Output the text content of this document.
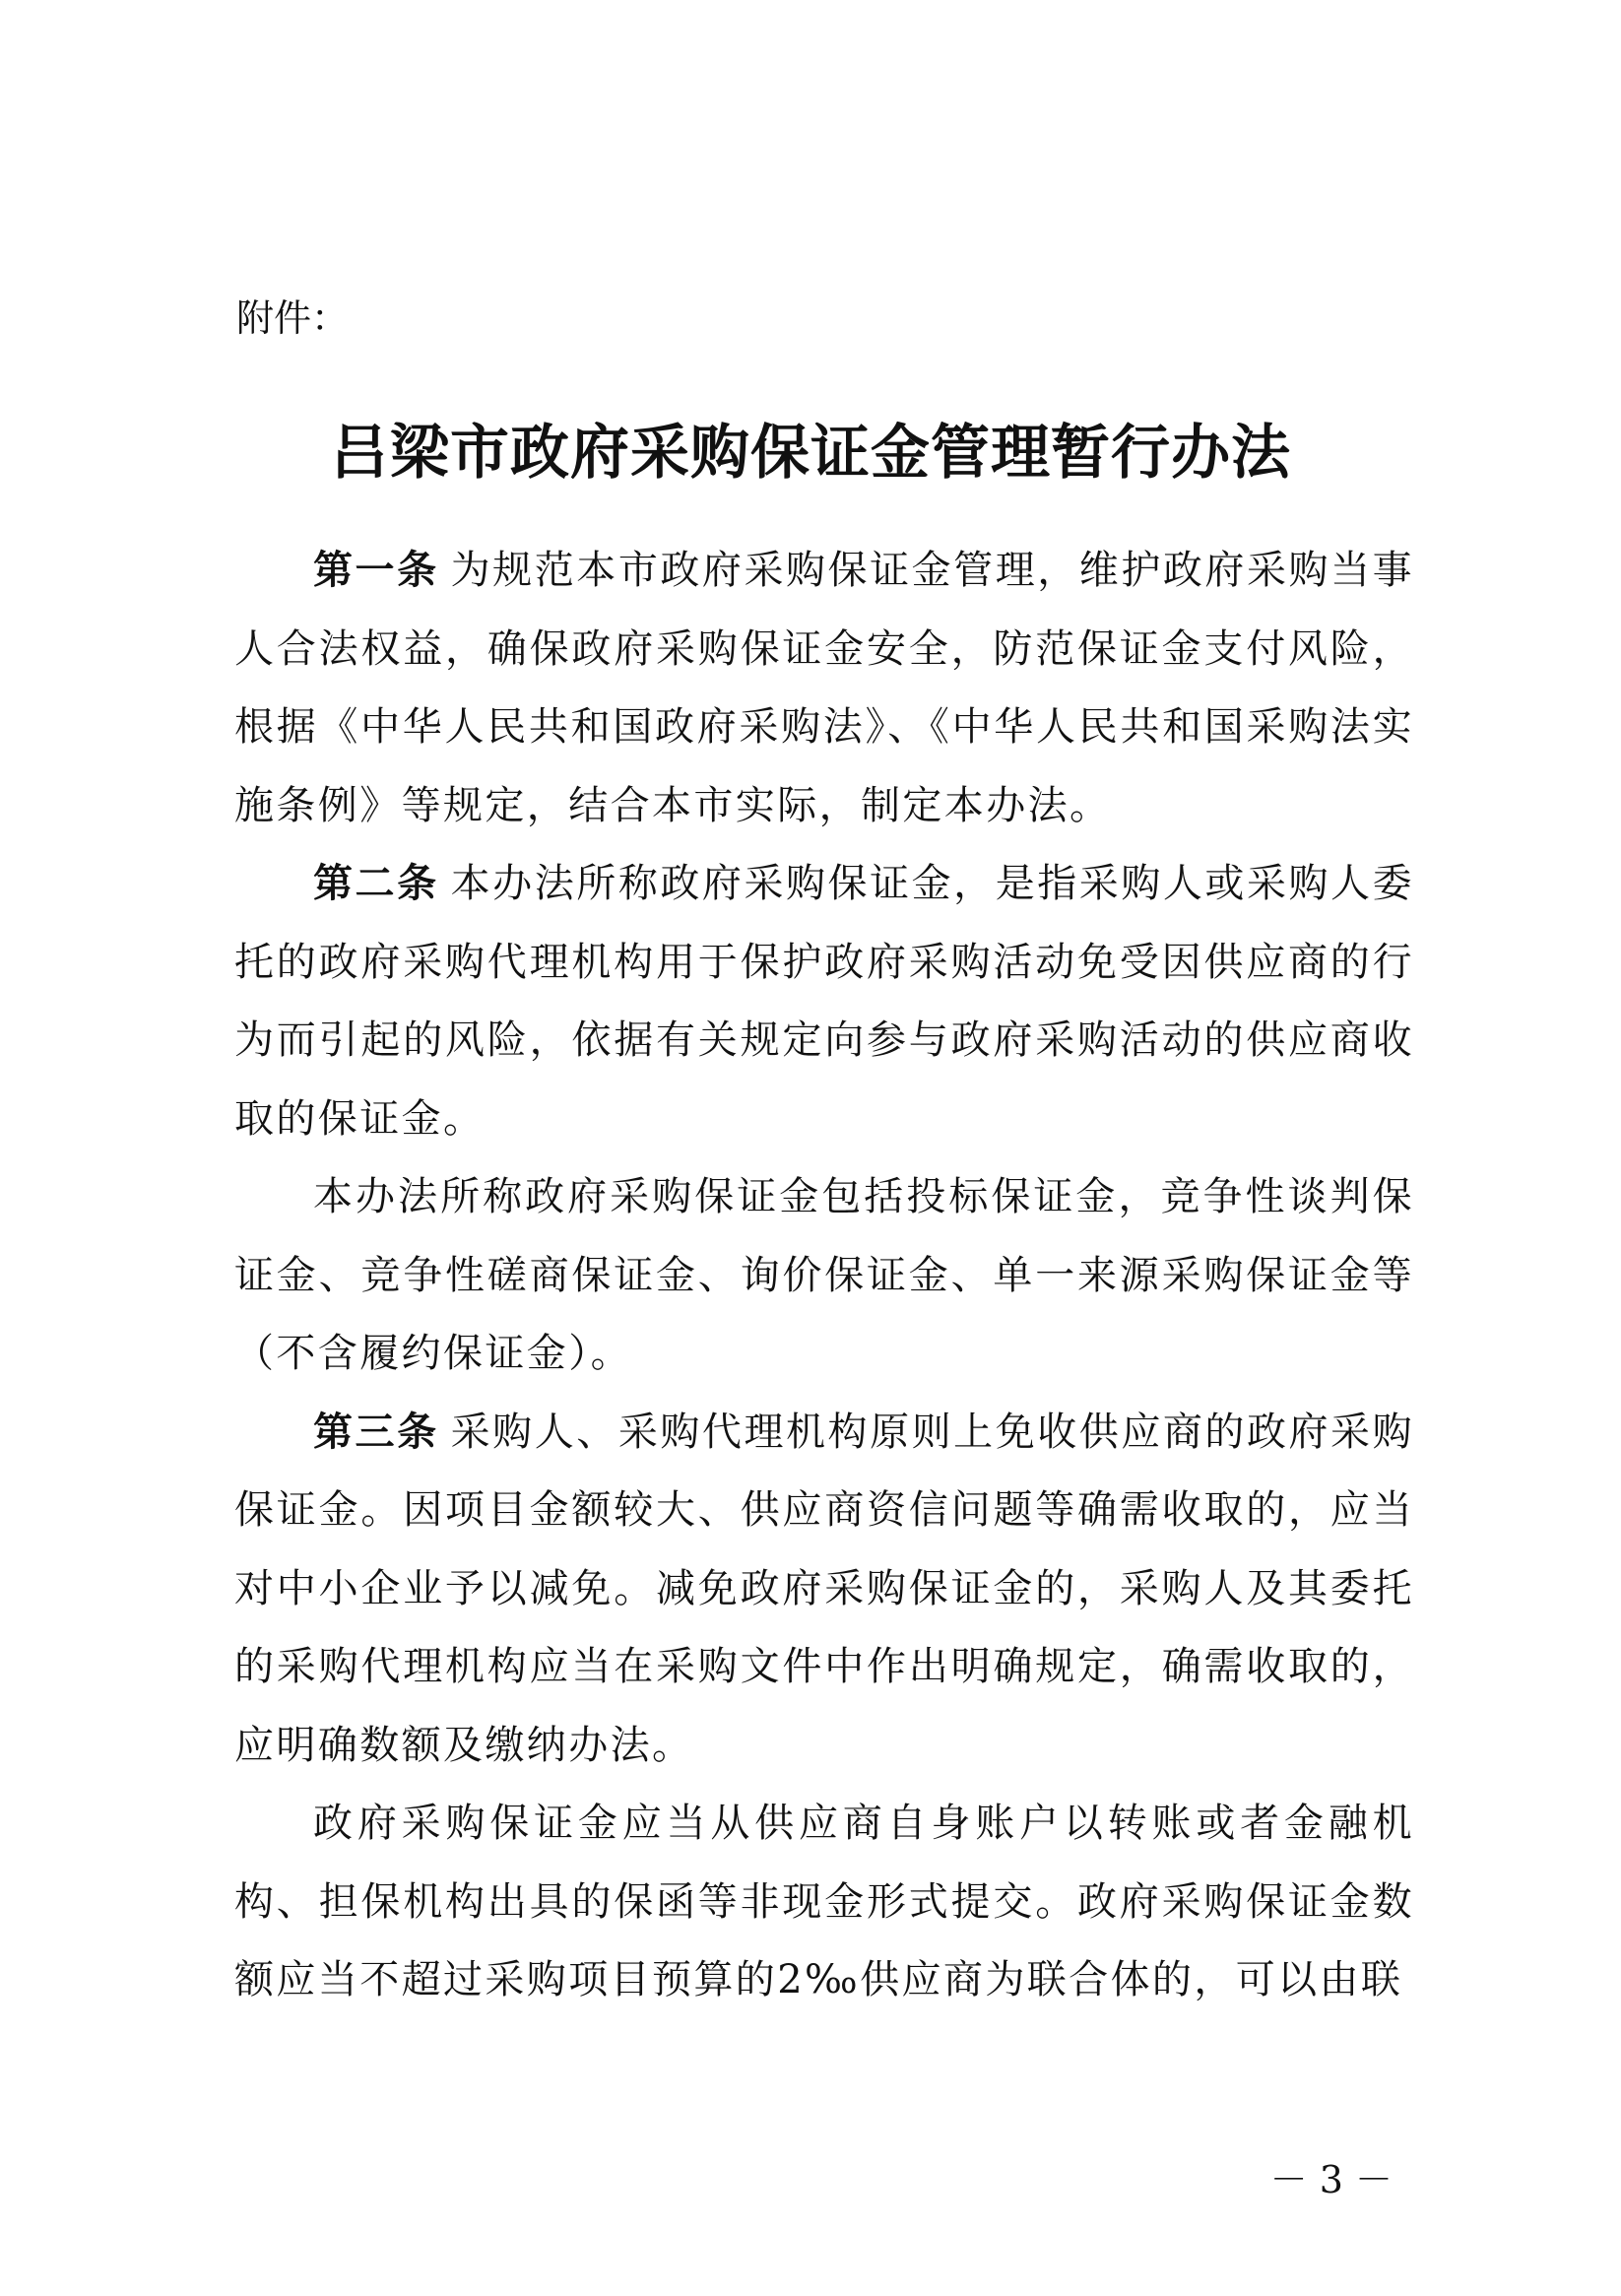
附件：
吕梁市政府采购保证金管理暂行办法

第一条 为规范本市政府采购保证金管理，维护政府采购当事人合法权益，确保政府采购保证金安全，防范保证金支付风险，根据《中华人民共和国政府采购法》、《中华人民共和国采购法实施条例》等规定，结合本市实际，制定本办法。

第二条 本办法所称政府采购保证金，是指采购人或采购人委托的政府采购代理机构用于保护政府采购活动免受因供应商的行为而引起的风险，依据有关规定向参与政府采购活动的供应商收取的保证金。

本办法所称政府采购保证金包括投标保证金，竞争性谈判保证金、竞争性磋商保证金、询价保证金、单一来源采购保证金等（不含履约保证金）。

第三条 采购人、采购代理机构原则上免收供应商的政府采购保证金。因项目金额较大、供应商资信问题等确需收取的，应当对中小企业予以减免。减免政府采购保证金的，采购人及其委托的采购代理机构应当在采购文件中作出明确规定，确需收取的，应明确数额及缴纳办法。

政府采购保证金应当从供应商自身账户以转账或者金融机构、担保机构出具的保函等非现金形式提交。政府采购保证金数额应当不超过采购项目预算的2‰供应商为联合体的，可以由联

－ 3 －
